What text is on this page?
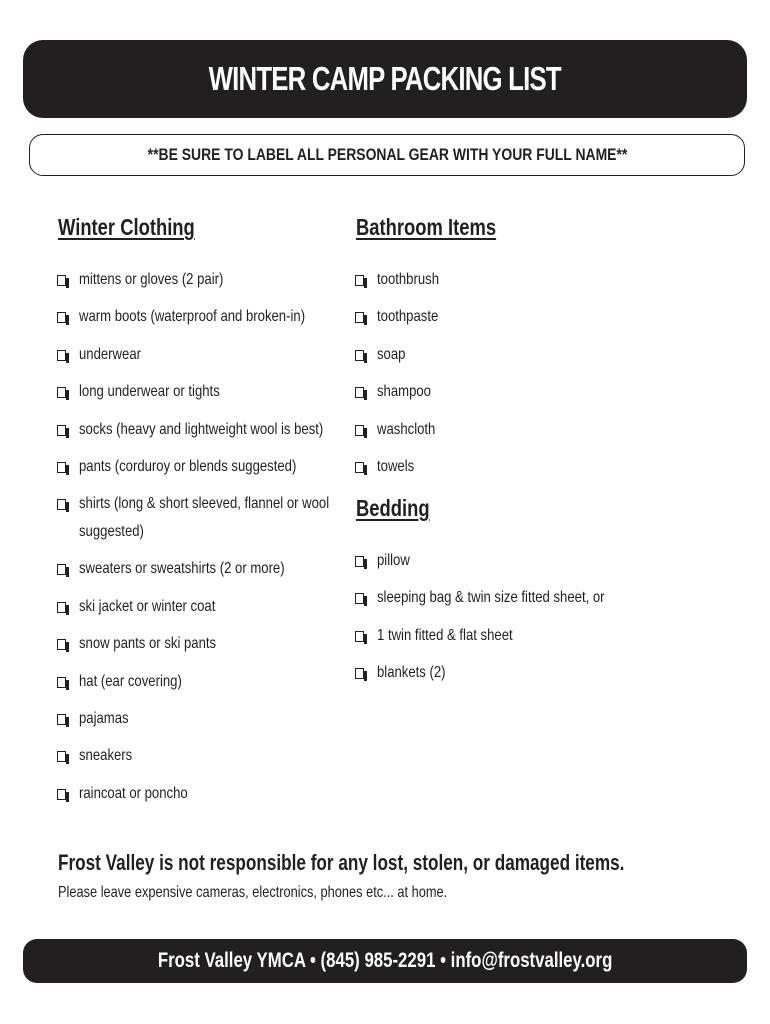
WINTER CAMP PACKING LIST
**BE SURE TO LABEL ALL PERSONAL GEAR WITH YOUR FULL NAME**
Winter Clothing
mittens or gloves (2 pair)
warm boots (waterproof and broken-in)
underwear
long underwear or tights
socks (heavy and lightweight wool is best)
pants (corduroy or blends suggested)
shirts (long & short sleeved, flannel or wool suggested)
sweaters or sweatshirts (2 or more)
ski jacket or winter coat
snow pants or ski pants
hat (ear covering)
pajamas
sneakers
raincoat or poncho
Bathroom Items
toothbrush
toothpaste
soap
shampoo
washcloth
towels
Bedding
pillow
sleeping bag & twin size fitted sheet, or
1 twin fitted & flat sheet
blankets (2)

Frost Valley is not responsible for any lost, stolen, or damaged items.

Please leave expensive cameras, electronics, phones etc... at home.

Frost Valley YMCA • (845) 985-2291 • info@frostvalley.org
